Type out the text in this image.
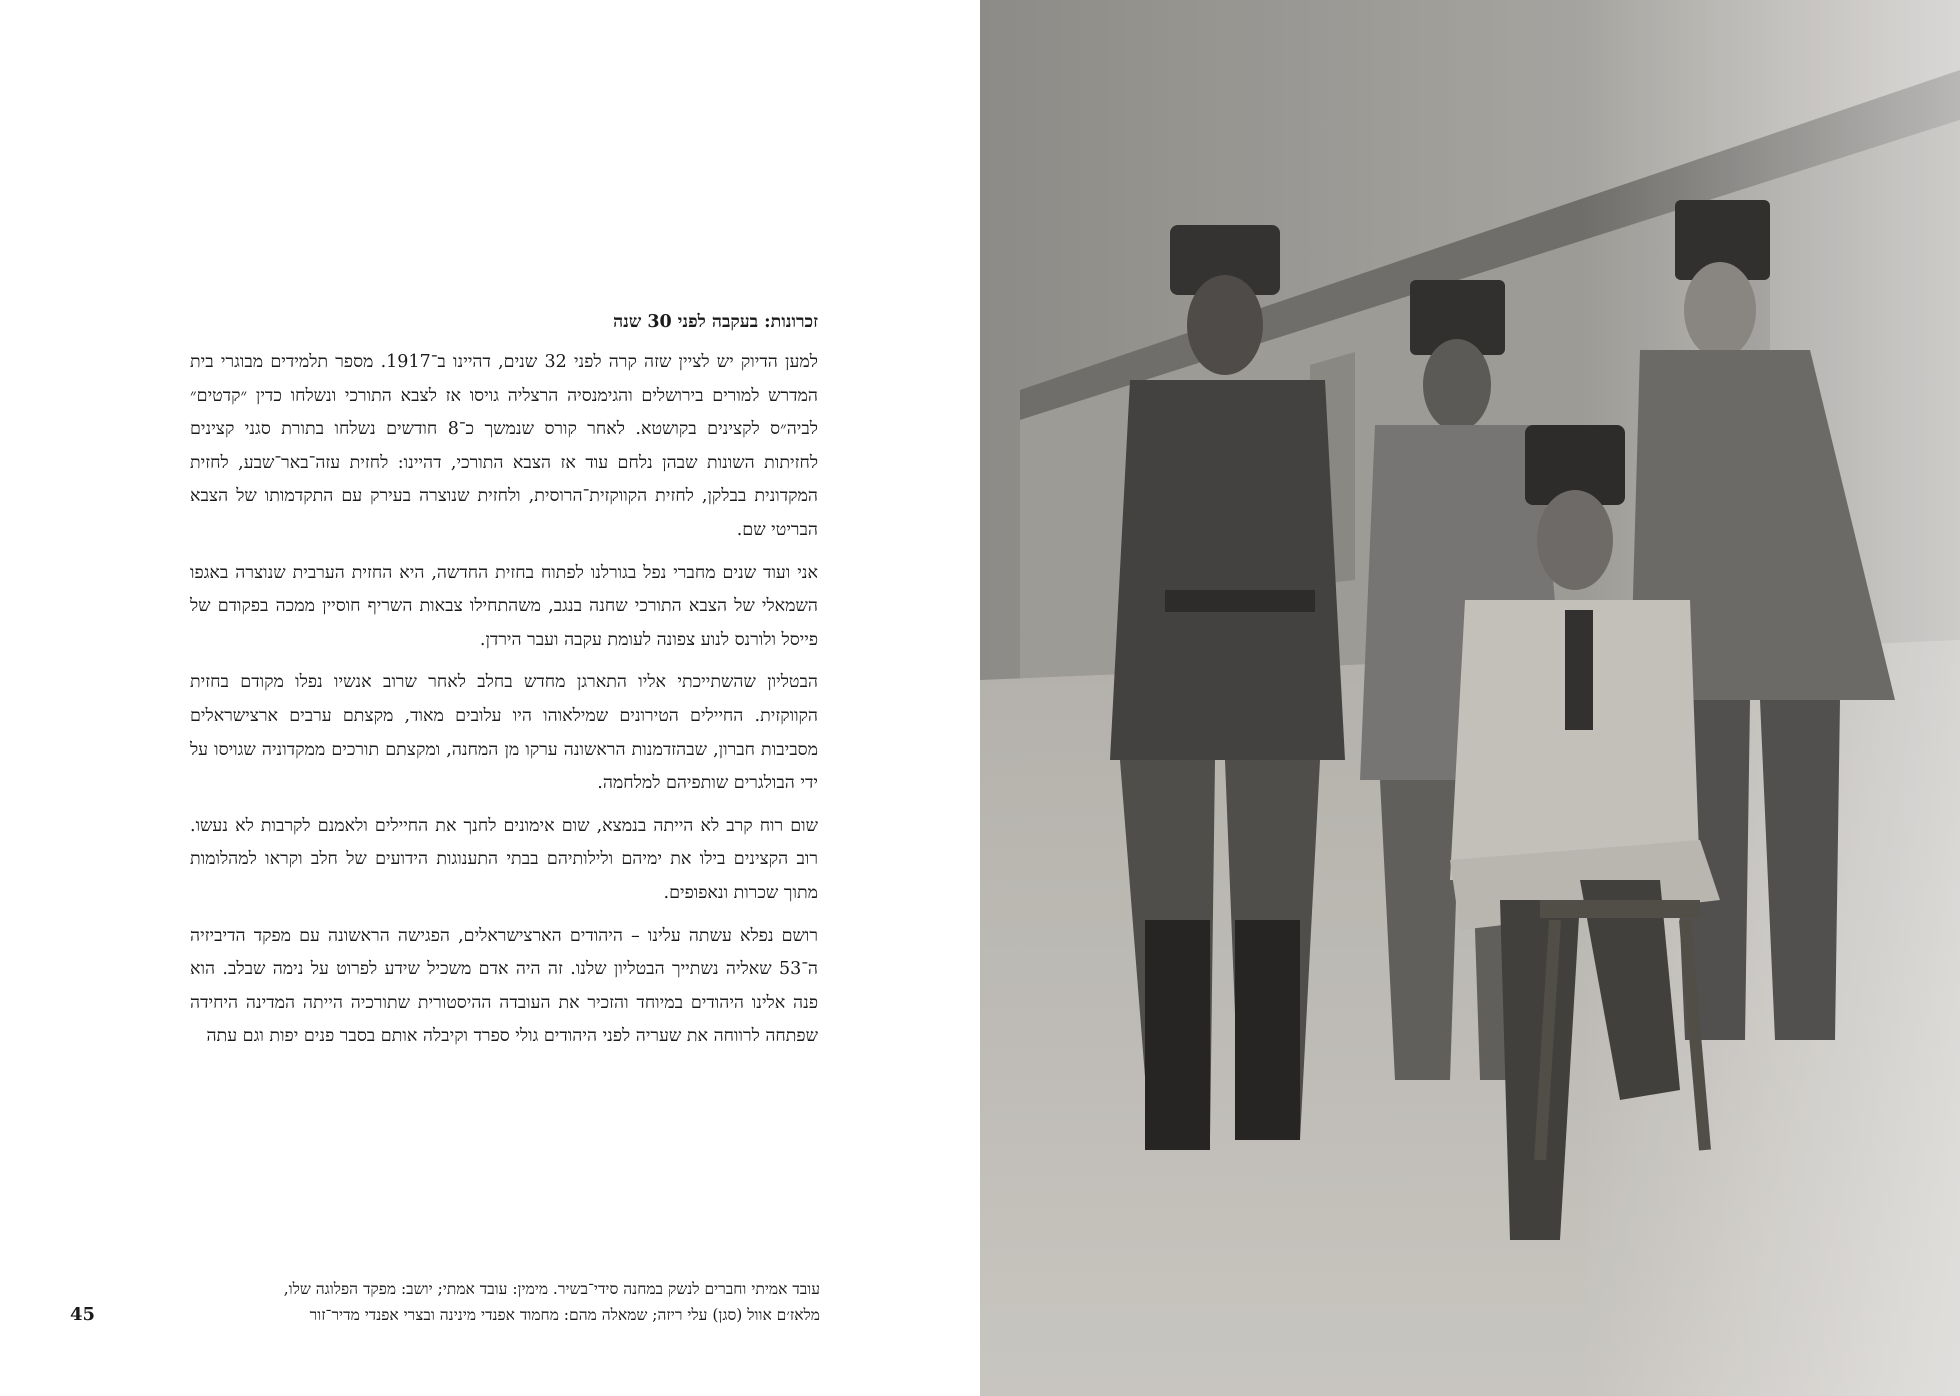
זכרונות: בעקבה לפני 30 שנה

למען הדיוק יש לציין שזה קרה לפני 32 שנים, דהיינו ב־1917. מספר תלמידים מבוגרי בית המדרש למורים בירושלים והגימנסיה הרצליה גויסו אז לצבא התורכי ונשלחו כדין ״קדטים״ לביה״ס לקצינים בקושטא. לאחר קורס שנמשך כ־8 חודשים נשלחו בתורת סגני קצינים לחזיתות השונות שבהן נלחם עוד אז הצבא התורכי, דהיינו: לחזית עזה־באר־שבע, לחזית המקדונית בבלקן, לחזית הקווקזית־הרוסית, ולחזית שנוצרה בעירק עם התקדמותו של הצבא הבריטי שם.

אני ועוד שנים מחברי נפל בגורלנו לפתוח בחזית החדשה, היא החזית הערבית שנוצרה באגפו השמאלי של הצבא התורכי שחנה בנגב, משהתחילו צבאות השריף חוסיין ממכה בפקודם של פייסל ולורנס לנוע צפונה לעומת עקבה ועבר הירדן.

הבטליון שהשתייכתי אליו התארגן מחדש בחלב לאחר שרוב אנשיו נפלו מקודם בחזית הקווקזית. החיילים הטירונים שמילאוהו היו עלובים מאוד, מקצתם ערבים ארצישראלים מסביבות חברון, שבהזדמנות הראשונה ערקו מן המחנה, ומקצתם תורכים ממקדוניה שגויסו על ידי הבולגרים שותפיהם למלחמה.

שום רוח קרב לא הייתה בנמצא, שום אימונים לחנך את החיילים ולאמנם לקרבות לא נעשו. רוב הקצינים בילו את ימיהם ולילותיהם בבתי התענוגות הידועים של חלב וקראו למהלומות מתוך שכרות ונאפופים.

רושם נפלא עשתה עלינו – היהודים הארצישראלים, הפגישה הראשונה עם מפקד הדיביזיה ה־53 שאליה נשתייך הבטליון שלנו. זה היה אדם משכיל שידע לפרוט על נימה שבלב. הוא פנה אלינו היהודים במיוחד והזכיר את העובדה ההיסטורית שתורכיה הייתה המדינה היחידה שפתחה לרווחה את שעריה לפני היהודים גולי ספרד וקיבלה אותם בסבר פנים יפות וגם עתה

עובד אמיתי וחברים לנשק במחנה סידי־בשיר. מימין: עובד אמתי; יושב: מפקד הפלוגה שלו,

מלאז׳ם אוול (סגן) עלי ריזה; שמאלה מהם: מחמוד אפנדי מינינה ובצרי אפנדי מדיר־זור

45
